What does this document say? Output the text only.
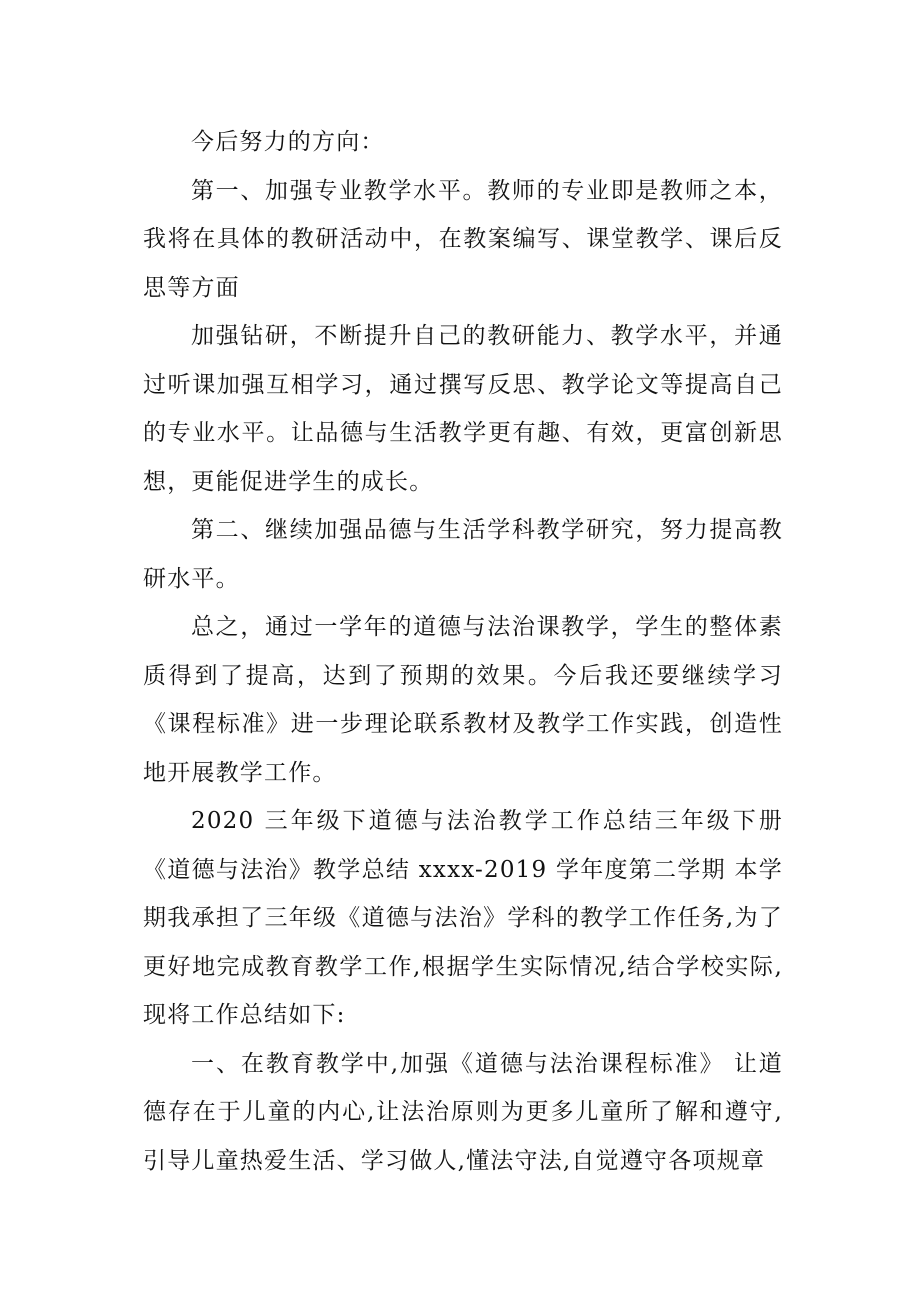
今后努力的方向：

第一、加强专业教学水平。教师的专业即是教师之本，我将在具体的教研活动中，在教案编写、课堂教学、课后反思等方面

加强钻研，不断提升自己的教研能力、教学水平，并通过听课加强互相学习，通过撰写反思、教学论文等提高自己的专业水平。让品德与生活教学更有趣、有效，更富创新思想，更能促进学生的成长。

第二、继续加强品德与生活学科教学研究，努力提高教研水平。

总之，通过一学年的道德与法治课教学，学生的整体素质得到了提高，达到了预期的效果。今后我还要继续学习《课程标准》进一步理论联系教材及教学工作实践，创造性地开展教学工作。

2020 三年级下道德与法治教学工作总结三年级下册《道德与法治》教学总结 xxxx-2019 学年度第二学期 本学期我承担了三年级《道德与法治》学科的教学工作任务,为了更好地完成教育教学工作,根据学生实际情况,结合学校实际,现将工作总结如下:

一、在教育教学中,加强《道德与法治课程标准》 让道德存在于儿童的内心,让法治原则为更多儿童所了解和遵守,引导儿童热爱生活、学习做人,懂法守法,自觉遵守各项规章
